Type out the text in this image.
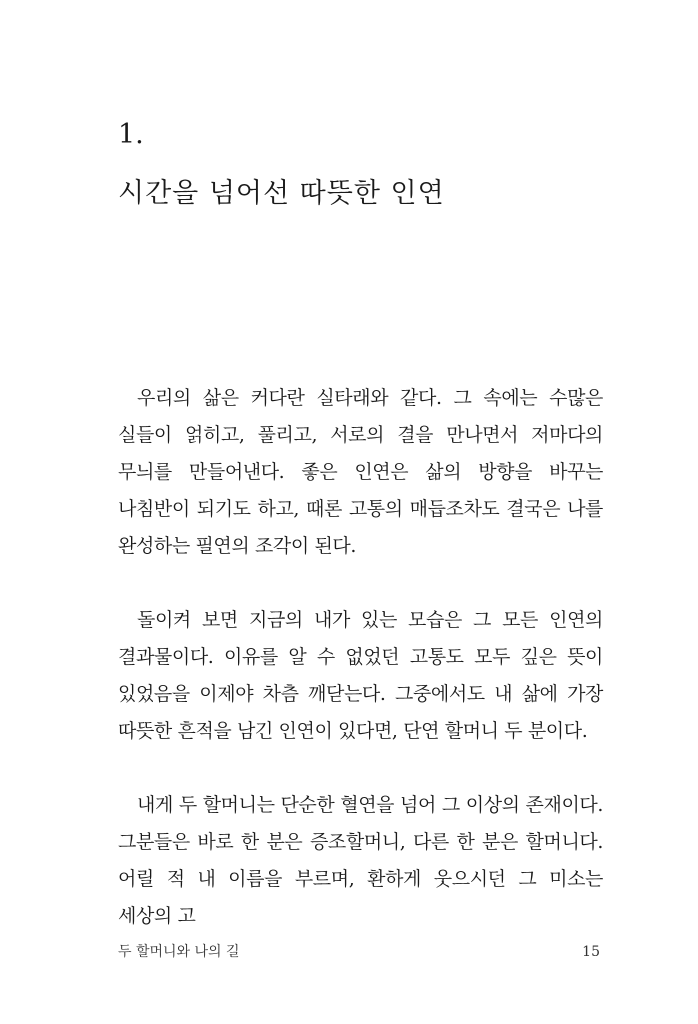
1.
시간을 넘어선 따뜻한 인연

우리의 삶은 커다란 실타래와 같다. 그 속에는 수많은 실들이 얽히고, 풀리고, 서로의 결을 만나면서 저마다의 무늬를 만들어낸다. 좋은 인연은 삶의 방향을 바꾸는 나침반이 되기도 하고, 때론 고통의 매듭조차도 결국은 나를 완성하는 필연의 조각이 된다.

돌이켜 보면 지금의 내가 있는 모습은 그 모든 인연의 결과물이다. 이유를 알 수 없었던 고통도 모두 깊은 뜻이 있었음을 이제야 차츰 깨닫는다. 그중에서도 내 삶에 가장 따뜻한 흔적을 남긴 인연이 있다면, 단연 할머니 두 분이다.

내게 두 할머니는 단순한 혈연을 넘어 그 이상의 존재이다. 그분들은 바로 한 분은 증조할머니, 다른 한 분은 할머니다. 어릴 적 내 이름을 부르며, 환하게 웃으시던 그 미소는 세상의 고

두 할머니와 나의 길	15
